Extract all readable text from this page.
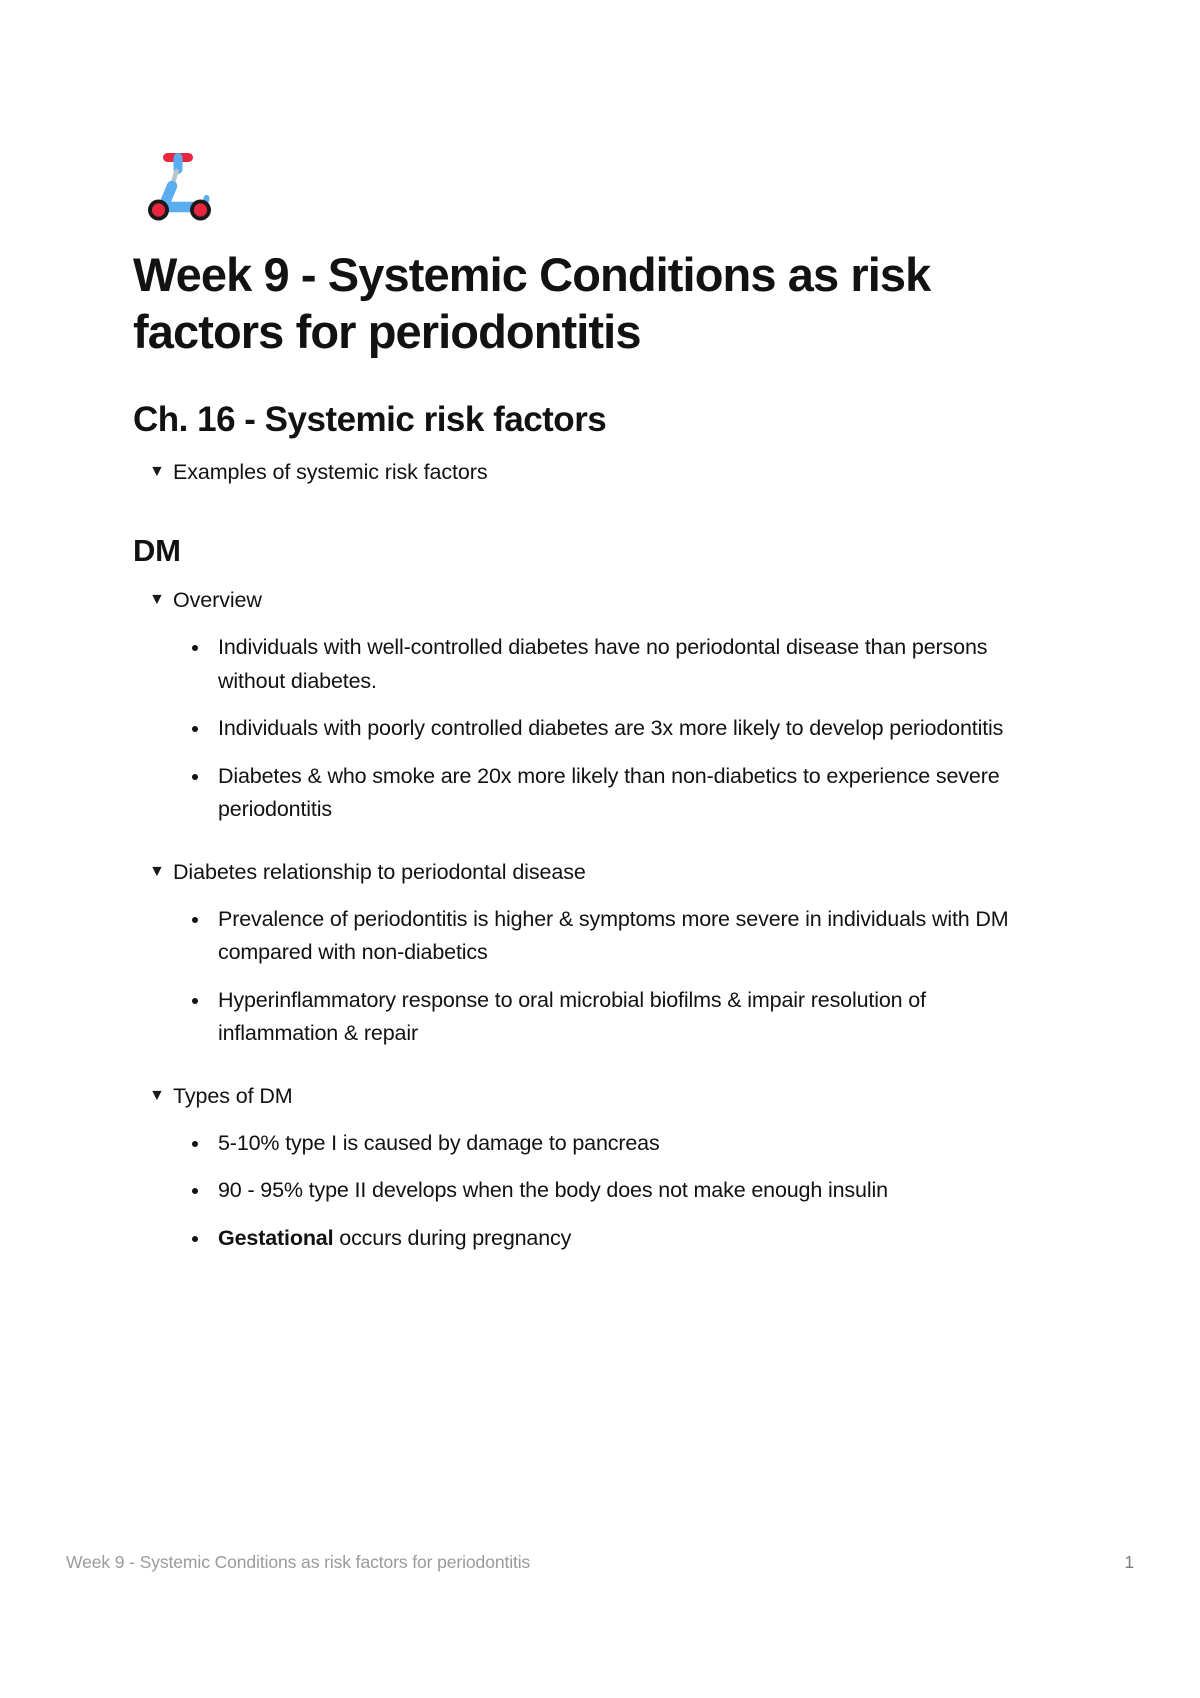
Week 9 - Systemic Conditions as risk factors for periodontitis
Ch. 16 - Systemic risk factors
▼ Examples of systemic risk factors
DM
▼ Overview
Individuals with well-controlled diabetes have no periodontal disease than persons without diabetes.
Individuals with poorly controlled diabetes are 3x more likely to develop periodontitis
Diabetes & who smoke are 20x more likely than non-diabetics to experience severe periodontitis
▼ Diabetes relationship to periodontal disease
Prevalence of periodontitis is higher & symptoms more severe in individuals with DM compared with non-diabetics
Hyperinflammatory response to oral microbial biofilms & impair resolution of inflammation & repair
▼ Types of DM
5-10% type I is caused by damage to pancreas
90 - 95% type II develops when the body does not make enough insulin
Gestational occurs during pregnancy
Week 9 - Systemic Conditions as risk factors for periodontitis	1
